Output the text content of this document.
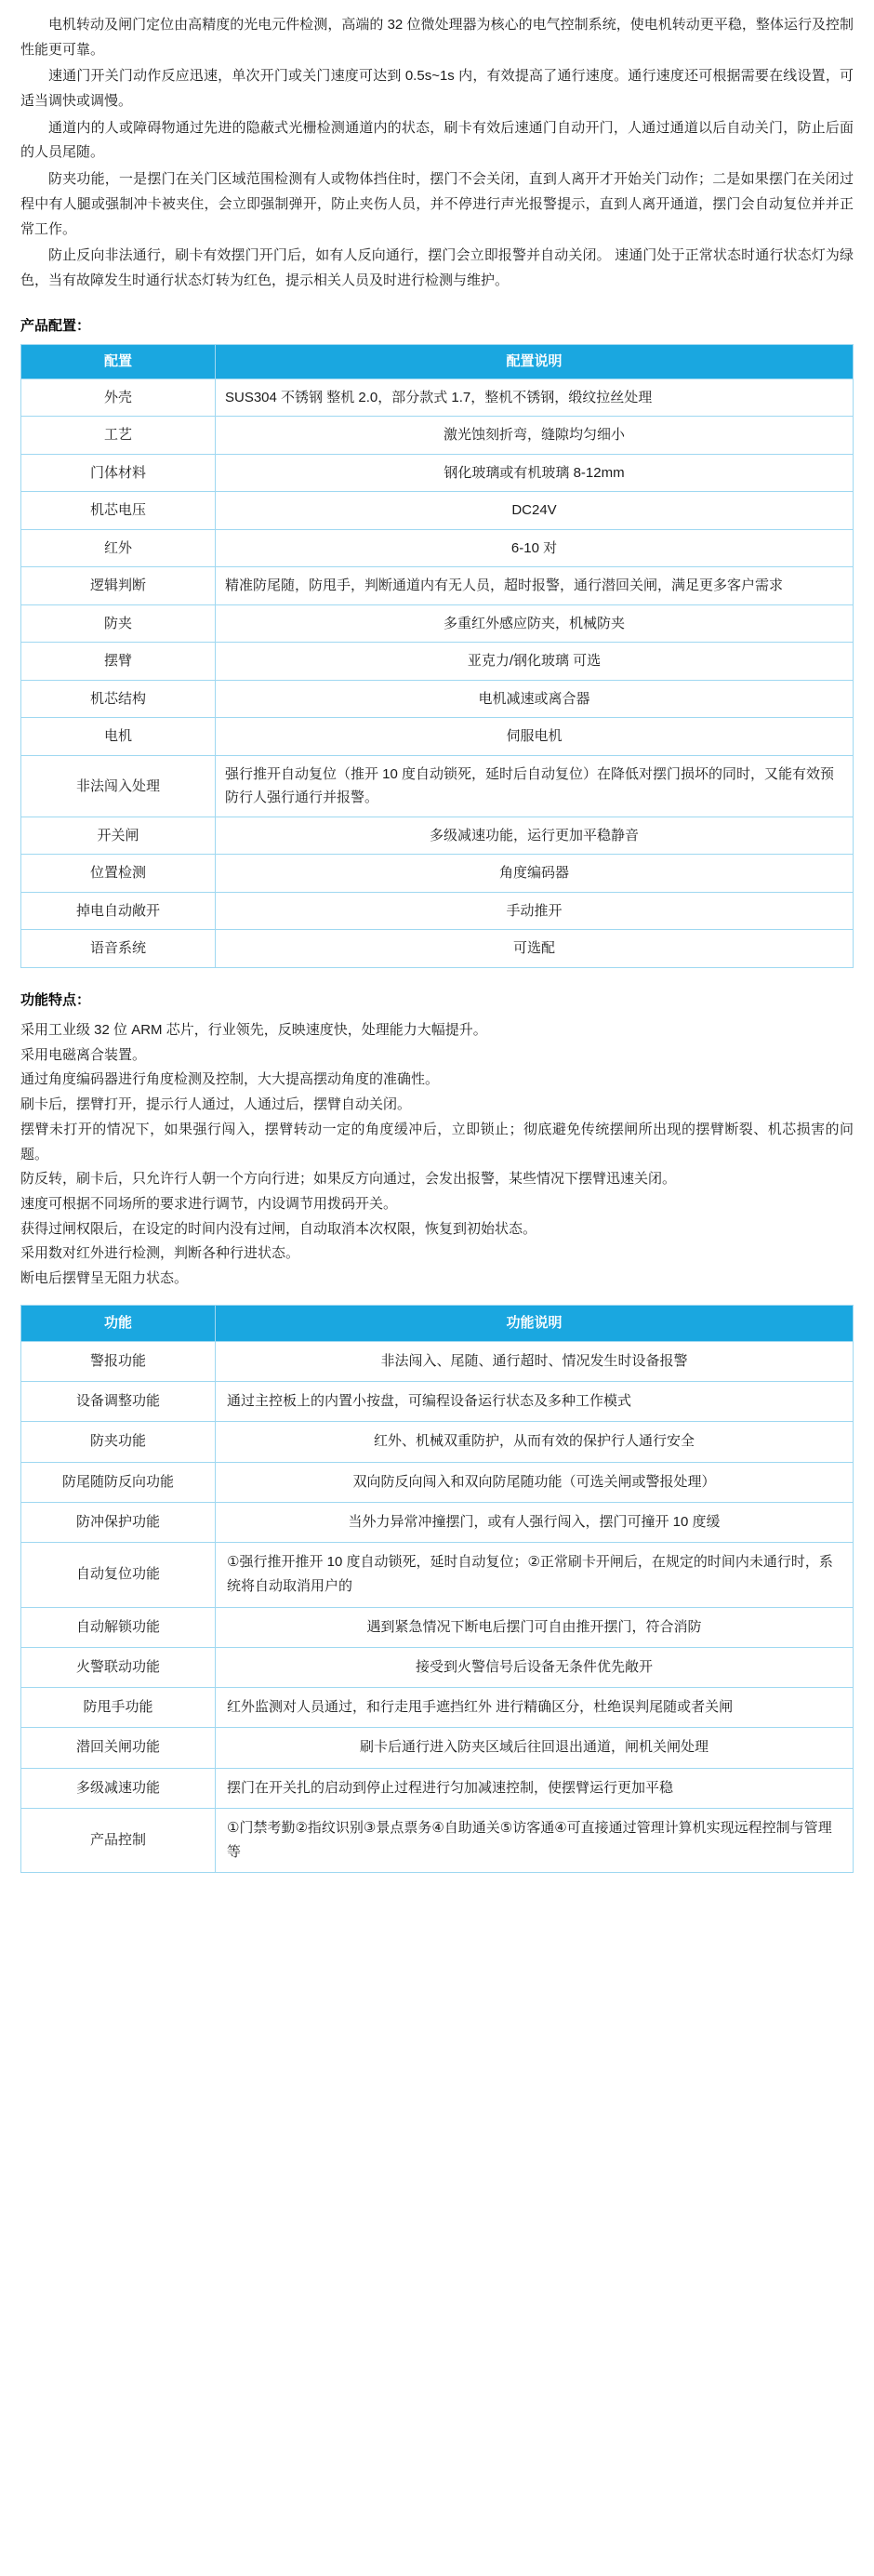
电机转动及闸门定位由高精度的光电元件检测，高端的 32 位微处理器为核心的电气控制系统，使电机转动更平稳，整体运行及控制性能更可靠。

速通门开关门动作反应迅速，单次开门或关门速度可达到 0.5s~1s 内，有效提高了通行速度。通行速度还可根据需要在线设置，可适当调快或调慢。

通道内的人或障碍物通过先进的隐蔽式光栅检测通道内的状态，刷卡有效后速通门自动开门，人通过通道以后自动关门，防止后面的人员尾随。

防夹功能，一是摆门在关门区域范围检测有人或物体挡住时，摆门不会关闭，直到人离开才开始关门动作；二是如果摆门在关闭过程中有人腿或强制冲卡被夹住，会立即强制弹开，防止夹伤人员，并不停进行声光报警提示，直到人离开通道，摆门会自动复位并并正常工作。

防止反向非法通行，刷卡有效摆门开门后，如有人反向通行，摆门会立即报警并自动关闭。 速通门处于正常状态时通行状态灯为绿色，当有故障发生时通行状态灯转为红色，提示相关人员及时进行检测与维护。

产品配置：
配置	配置说明
外壳	SUS304 不锈钢 整机 2.0，部分款式 1.7，整机不锈钢，缎纹拉丝处理
工艺	激光蚀刻折弯，缝隙均匀细小
门体材料	钢化玻璃或有机玻璃 8-12mm
机芯电压	DC24V
红外	6-10 对
逻辑判断	精准防尾随，防甩手，判断通道内有无人员，超时报警，通行潜回关闸，满足更多客户需求
防夹	多重红外感应防夹，机械防夹
摆臂	亚克力/钢化玻璃 可选
机芯结构	电机减速或离合器
电机	伺服电机
非法闯入处理	强行推开自动复位（推开 10 度自动锁死，延时后自动复位）在降低对摆门损坏的同时，又能有效预防行人强行通行并报警。
开关闸	多级减速功能，运行更加平稳静音
位置检测	角度编码器
掉电自动敞开	手动推开
语音系统	可选配
功能特点：

采用工业级 32 位 ARM 芯片，行业领先，反映速度快，处理能力大幅提升。

采用电磁离合装置。

通过角度编码器进行角度检测及控制，大大提高摆动角度的准确性。

刷卡后，摆臂打开，提示行人通过，人通过后，摆臂自动关闭。

摆臂未打开的情况下，如果强行闯入，摆臂转动一定的角度缓冲后，立即锁止；彻底避免传统摆闸所出现的摆臂断裂、机芯损害的问题。

防反转，刷卡后，只允许行人朝一个方向行进；如果反方向通过，会发出报警，某些情况下摆臂迅速关闭。

速度可根据不同场所的要求进行调节，内设调节用拨码开关。

获得过闸权限后，在设定的时间内没有过闸，自动取消本次权限，恢复到初始状态。

采用数对红外进行检测，判断各种行进状态。

断电后摆臂呈无阻力状态。

功能	功能说明
警报功能	非法闯入、尾随、通行超时、情况发生时设备报警
设备调整功能	通过主控板上的内置小按盘，可编程设备运行状态及多种工作模式
防夹功能	红外、机械双重防护，从而有效的保护行人通行安全
防尾随防反向功能	双向防反向闯入和双向防尾随功能（可选关闸或警报处理）
防冲保护功能	当外力异常冲撞摆门，或有人强行闯入，摆门可撞开 10 度缓
自动复位功能	①强行推开推开 10 度自动锁死，延时自动复位；②正常刷卡开闸后，在规定的时间内未通行时，系统将自动取消用户的
自动解锁功能	遇到紧急情况下断电后摆门可自由推开摆门，符合消防
火警联动功能	接受到火警信号后设备无条件优先敞开
防甩手功能	红外监测对人员通过，和行走甩手遮挡红外 进行精确区分，杜绝误判尾随或者关闸
潜回关闸功能	刷卡后通行进入防夹区域后往回退出通道，闸机关闸处理
多级减速功能	摆门在开关扎的启动到停止过程进行匀加减速控制，使摆臂运行更加平稳
产品控制	①门禁考勤②指纹识别③景点票务④自助通关⑤访客通④可直接通过管理计算机实现远程控制与管理等
